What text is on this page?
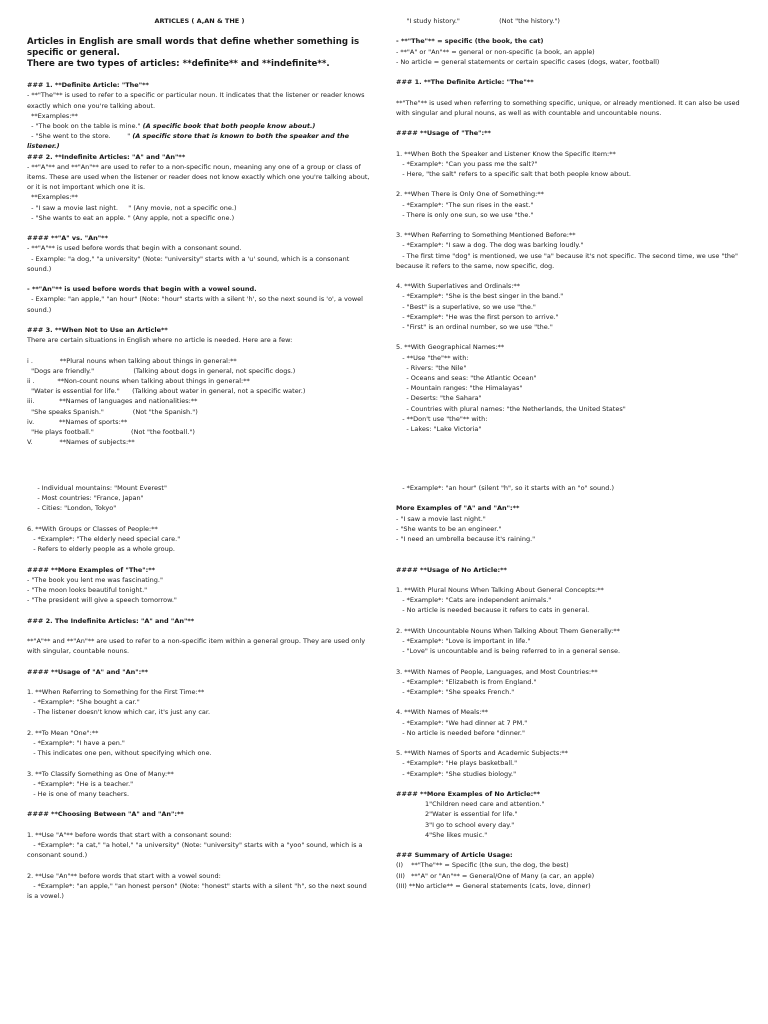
ARTICLES ( A,AN & THE )
Articles in English are small words that define whether something is specific or general.
There are two types of articles: **definite** and **indefinite**.
### 1. **Definite Article: "The"**
- **"The"** is used to refer to a specific or particular noun. It indicates that the listener or reader knows exactly which one you're talking about.
**Examples:**
- "The book on the table is mine." (A specific book that both people know about.)
- "She went to the store.        " (A specific store that is known to both the speaker and the listener.)
### 2. **Indefinite Articles: "A" and "An"**
- **"A"** and **"An"** are used to refer to a non-specific noun, meaning any one of a group or class of items. These are used when the listener or reader does not know exactly which one you're talking about, or it is not important which one it is.
**Examples:**
- "I saw a movie last night.     " (Any movie, not a specific one.)
- "She wants to eat an apple. " (Any apple, not a specific one.)
#### **"A" vs. "An"**
- **"A"** is used before words that begin with a consonant sound.
- Example: "a dog," "a university" (Note: "university" starts with a 'u' sound, which is a consonant sound.)
- **"An"** is used before words that begin with a vowel sound.
- Example: "an apple," "an hour" (Note: "hour" starts with a silent 'h', so the next sound is 'o', a vowel sound.)
### 3. **When Not to Use an Article**
There are certain situations in English where no article is needed. Here are a few:
i .             **Plural nouns when talking about things in general:**
"Dogs are friendly."                   (Talking about dogs in general, not specific dogs.)
ii .           **Non-count nouns when talking about things in general:**
"Water is essential for life."      (Talking about water in general, not a specific water.)
iii.            **Names of languages and nationalities:**
"She speaks Spanish."              (Not "the Spanish.")
iv.            **Names of sports:**
"He plays football."                  (Not "the football.")
V.             **Names of subjects:**
"I study history."                   (Not "the history.")
- **"The"** = specific (the book, the cat)
- **"A" or "An"** = general or non-specific (a book, an apple)
- No article = general statements or certain specific cases (dogs, water, football)
### 1. **The Definite Article: "The"**
**"The"** is used when referring to something specific, unique, or already mentioned. It can also be used with singular and plural nouns, as well as with countable and uncountable nouns.
#### **Usage of "The":**
1. **When Both the Speaker and Listener Know the Specific Item:**
- *Example*: "Can you pass me the salt?"
- Here, "the salt" refers to a specific salt that both people know about.
2. **When There is Only One of Something:**
- *Example*: "The sun rises in the east."
- There is only one sun, so we use "the."
3. **When Referring to Something Mentioned Before:**
- *Example*: "I saw a dog. The dog was barking loudly."
- The first time "dog" is mentioned, we use "a" because it's not specific. The second time, we use "the" because it refers to the same, now specific, dog.
4. **With Superlatives and Ordinals:**
- *Example*: "She is the best singer in the band."
- "Best" is a superlative, so we use "the."
- *Example*: "He was the first person to arrive."
- "First" is an ordinal number, so we use "the."
5. **With Geographical Names:**
- **Use "the"** with:
- Rivers: "the Nile"
- Oceans and seas: "the Atlantic Ocean"
- Mountain ranges: "the Himalayas"
- Deserts: "the Sahara"
- Countries with plural names: "the Netherlands, the United States"
- **Don't use "the"** with:
- Lakes: "Lake Victoria"
- Individual mountains: "Mount Everest"
- Most countries: "France, Japan"
- Cities: "London, Tokyo"
6. **With Groups or Classes of People:**
- *Example*: "The elderly need special care."
- Refers to elderly people as a whole group.
#### **More Examples of "The":**
- "The book you lent me was fascinating."
- "The moon looks beautiful tonight."
- "The president will give a speech tomorrow."
### 2. The Indefinite Articles: "A" and "An"**
**"A"** and **"An"** are used to refer to a non-specific item within a general group. They are used only with singular, countable nouns.
#### **Usage of "A" and "An":**
1. **When Referring to Something for the First Time:**
- *Example*: "She bought a car."
- The listener doesn't know which car, it's just any car.
2. **To Mean "One":**
- *Example*: "I have a pen."
- This indicates one pen, without specifying which one.
3. **To Classify Something as One of Many:**
- *Example*: "He is a teacher."
- He is one of many teachers.
#### **Choosing Between "A" and "An":**
1. **Use "A"** before words that start with a consonant sound:
- *Example*: "a cat," "a hotel," "a university" (Note: "university" starts with a "yoo" sound, which is a consonant sound.)
2. **Use "An"** before words that start with a vowel sound:
- *Example*: "an apple," "an honest person" (Note: "honest" starts with a silent "h", so the next sound is a vowel.)
- *Example*: "an hour" (silent "h", so it starts with an "o" sound.)
More Examples of "A" and "An":**
- "I saw a movie last night."
- "She wants to be an engineer."
- "I need an umbrella because it's raining."
#### **Usage of No Article:**
1. **With Plural Nouns When Talking About General Concepts:**
- *Example*: "Cats are independent animals."
- No article is needed because it refers to cats in general.
2. **With Uncountable Nouns When Talking About Them Generally:**
- *Example*: "Love is important in life."
- "Love" is uncountable and is being referred to in a general sense.
3. **With Names of People, Languages, and Most Countries:**
- *Example*: "Elizabeth is from England."
- *Example*: "She speaks French."
4. **With Names of Meals:**
- *Example*: "We had dinner at 7 PM."
- No article is needed before "dinner."
5. **With Names of Sports and Academic Subjects:**
- *Example*: "He plays basketball."
- *Example*: "She studies biology."
#### **More Examples of No Article:**
1"Children need care and attention."
2"Water is essential for life."
3"I go to school every day."
4"She likes music."
### Summary of Article Usage:
(I)    **"The"** = Specific (the sun, the dog, the best)
(II)   **"A" or "An"** = General/One of Many (a car, an apple)
(III) **No article** = General statements (cats, love, dinner)
